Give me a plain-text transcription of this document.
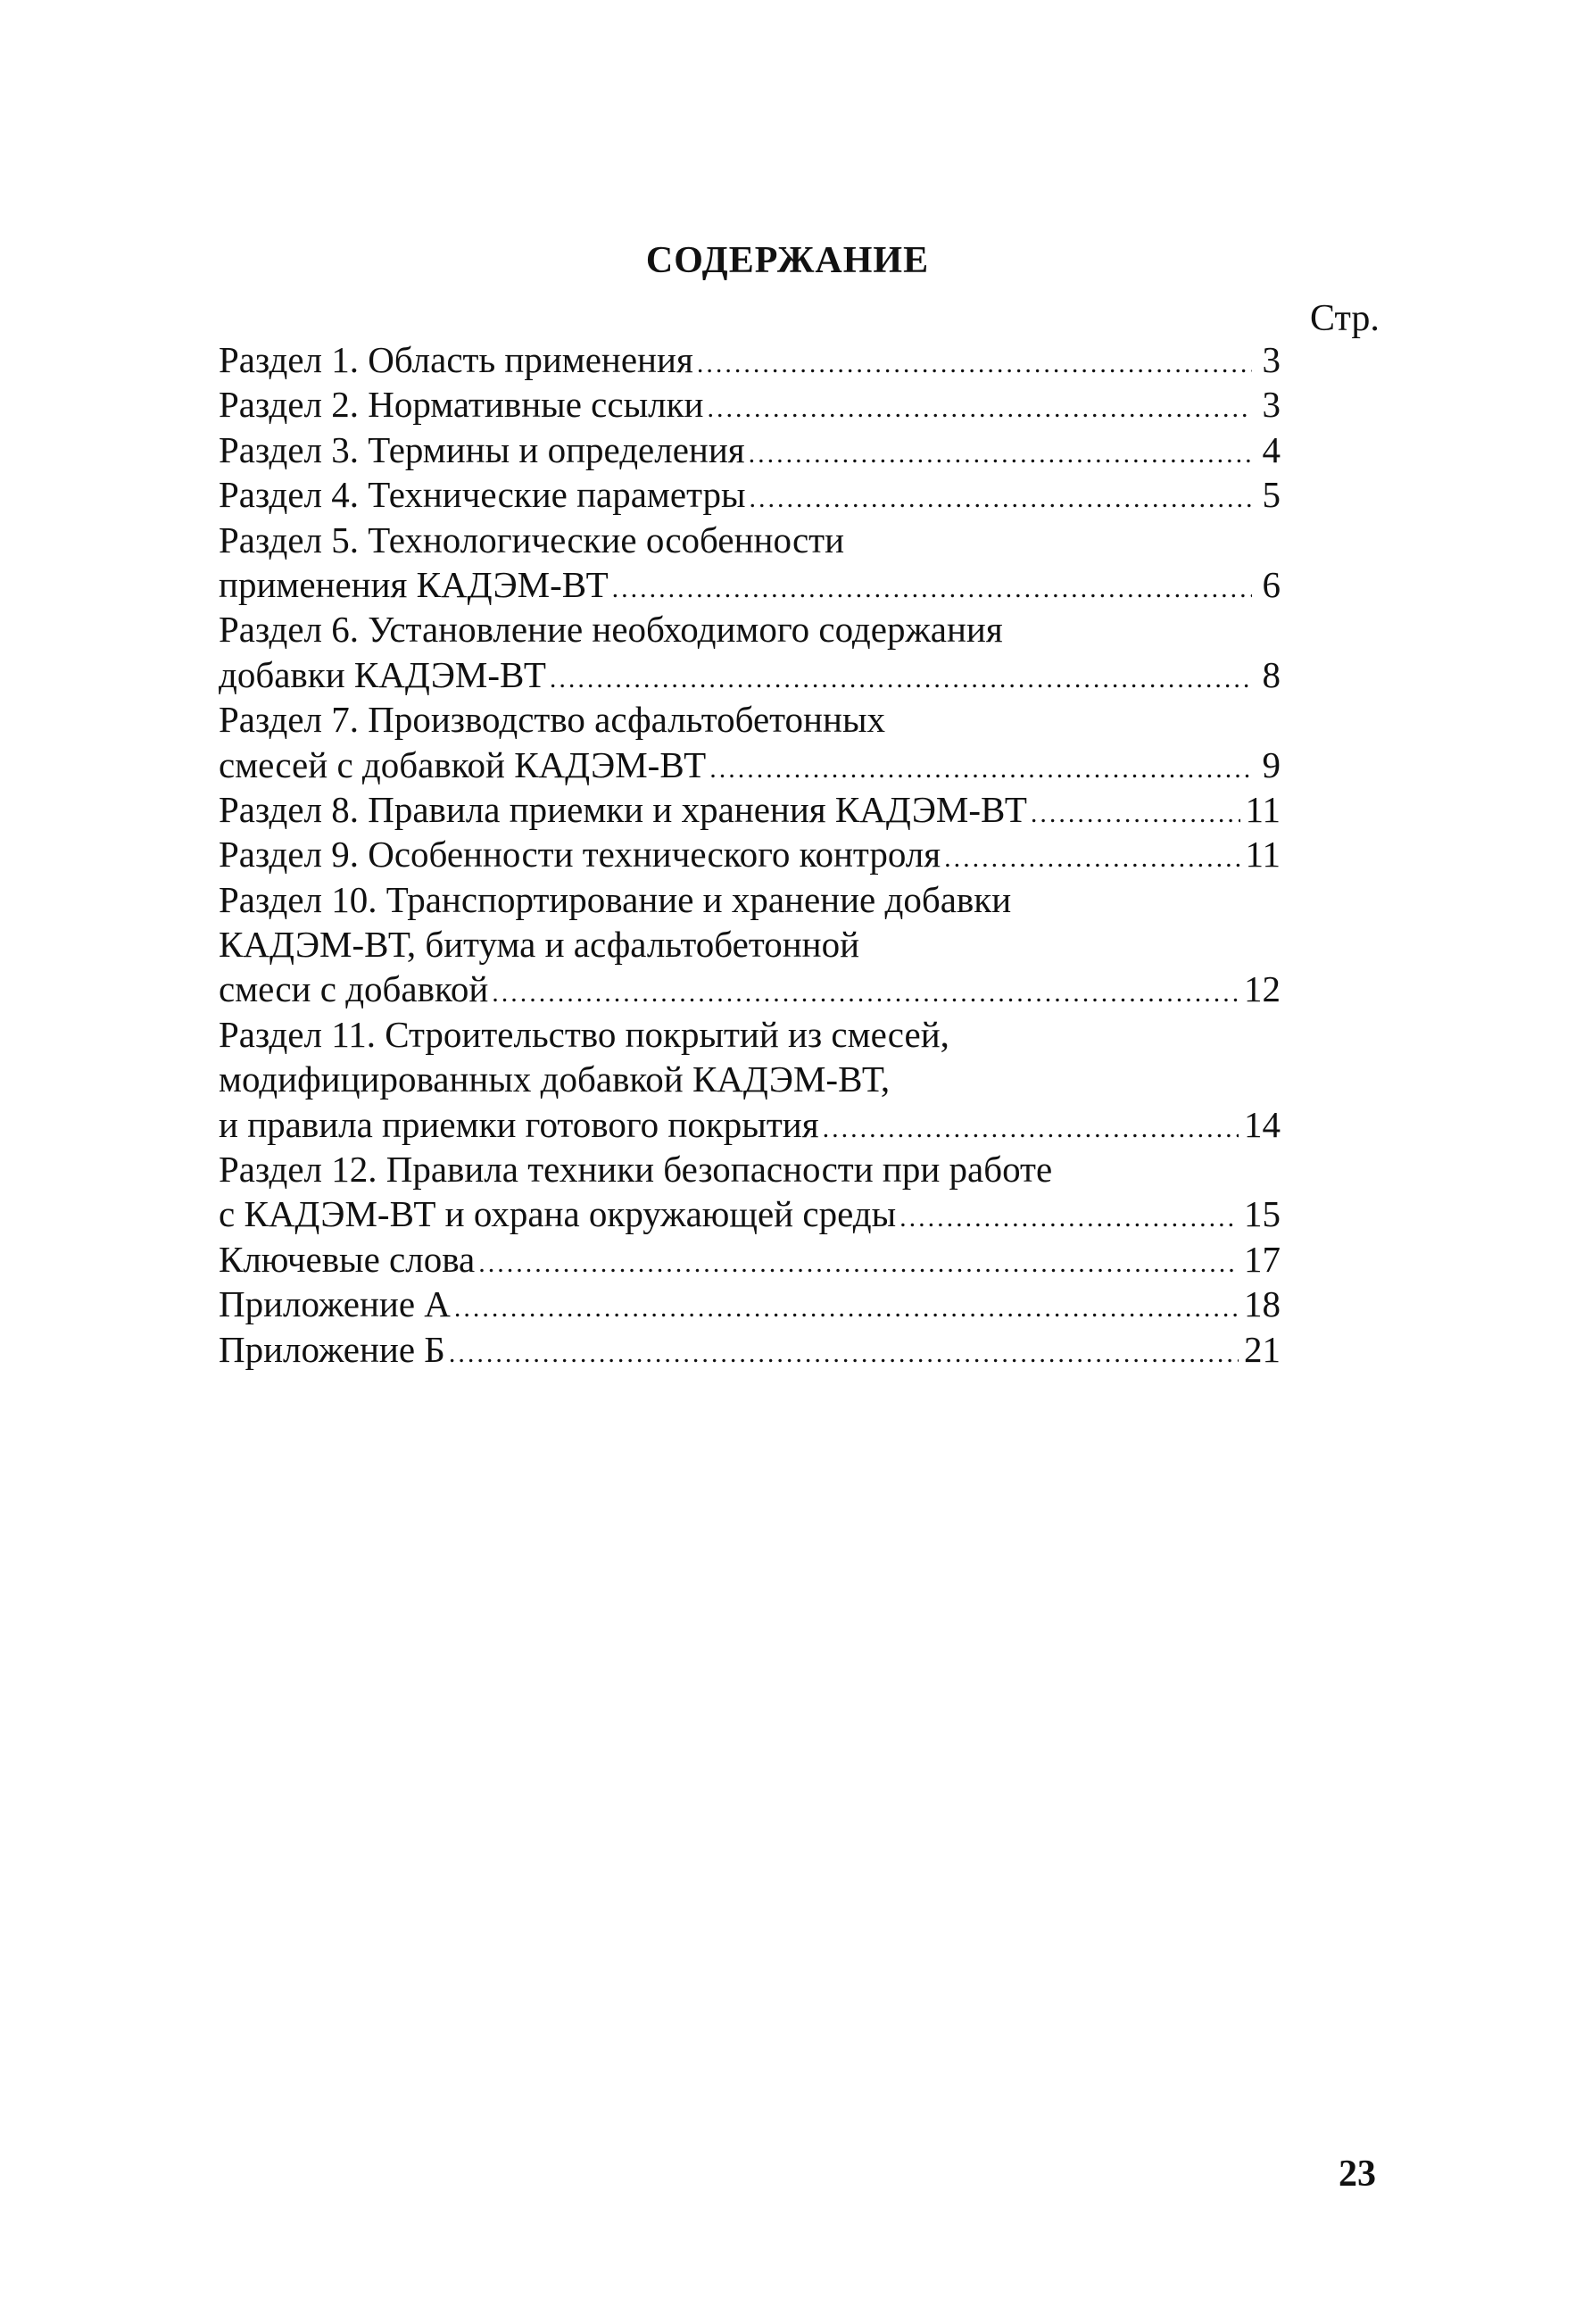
СОДЕРЖАНИЕ
Стр.
Раздел 1. Область применения .....	3
Раздел 2. Нормативные ссылки .....	3
Раздел 3. Термины и определения .....	4
Раздел 4. Технические параметры .....	5
Раздел 5. Технологические особенности
применения КАДЭМ-ВТ .....	6
Раздел 6. Установление необходимого содержания
добавки КАДЭМ-ВТ .....	8
Раздел 7. Производство асфальтобетонных
смесей с добавкой КАДЭМ-ВТ .....	9
Раздел 8. Правила приемки и хранения КАДЭМ-ВТ .....	11
Раздел 9. Особенности технического контроля .....	11
Раздел 10. Транспортирование и хранение добавки
КАДЭМ-ВТ, битума и асфальтобетонной
смеси с добавкой .....	12
Раздел 11. Строительство покрытий из смесей,
модифицированных добавкой КАДЭМ-ВТ,
и правила приемки готового покрытия .....	14
Раздел 12. Правила техники безопасности при работе
с КАДЭМ-ВТ и охрана окружающей среды .....	15
Ключевые слова .....	17
Приложение А .....	18
Приложение Б .....	21
23
